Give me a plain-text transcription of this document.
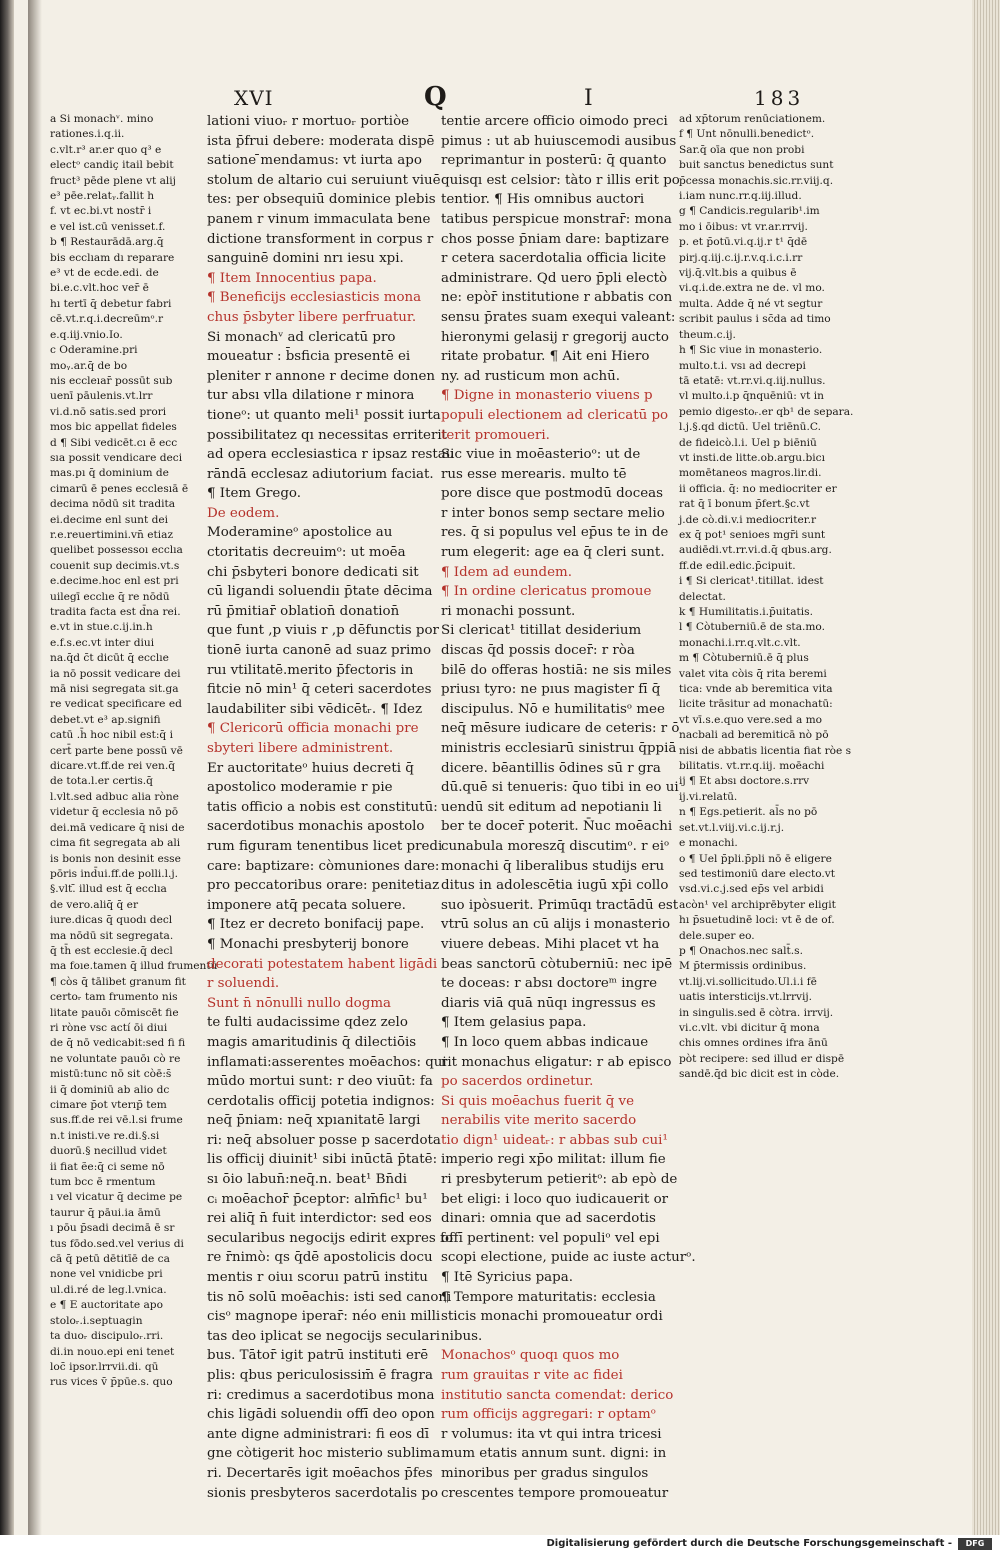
XVI	Q	I	183

a Si monachᵛ. mino

rationes.i.q.ii.

c.vlt.r³ ar.er quo q³ e

electᵒ candiç itail bebit

fruct³ pēde plene vt alij

e³ pēe.relatᵧ.fallit h

f. vt ec.bi.vt nostr̄ i

e vel ist.cū venisset.f.

b ¶ Restaurādā.arg.q̄

bis ecclıam dı reparare

e³ vt de ecde.edi. de

bi.e.c.vlt.hoc ver̄ ē

hı tertī q̄ debetur fabri

cē.vt.r.q.i.decreūmᵒ.r

e.q.iij.vnio.Io.

c Oderamine.pri

moᵧ.ar.q̄ de bo

nis eccleıar̄ possūt sub

uenī pāulenis.vt.lrr

vi.d.nō satis.sed prori

mos bic appellat fideles

d ¶ Sibi vedicēt.cı ē ecc

sıa possit vendicare deci

mas.pı q̄ dominium de

cimarū ē penes ecclesıā ē

decima nōdū sit tradita

ei.decime enl sunt dei

r.e.reuertimini.vn̄ etiaz

quelibet possessoı ecclıa

couenit sup decimis.vt.s

e.decime.hoc enl est pri

uilegī ecclıe q̄ re nōdū

tradita facta est d̄na rei.

e.vt in stue.c.ij.in.h

e.f.s.ec.vt inter diui

na.q̄d c̄t dicūt q̄ ecclıe

ia nō possit vedicare dei

mā nisi segregata sit.ga

re vedicat specificare ed

debet.vt e³ ap.signifi

catū .h̄ hoc nibil est:q̄ i

cert̄ parte bene possū vē

dicare.vt.ff.de rei ven.q̄

de tota.l.er certis.q̄

l.vlt.sed adbuc alia ròne

videtur q̄ ecclesia nō pō

dei.mā vedicare q̄ nisi de

cima fit segregata ab ali

is bonis non desinit esse

pōris ind̄ui.ff.de polli.l.j.

§.vlt.̄ illud est q̄ ecclıa

de vero.aliq̄ q̄ er

iure.dicas q̄ quodı decl

ma nōdū sit segregata.

q̄ th̄ est ecclesie.q̄ decl

ma foıe.tamen q̄ illud frumentū

¶ còs q̄ tālibet granum fit

certoᵣ tam frumento nis

litate pauōı cōmiscēt fie

ri ròne vsc actí ōi diui

de q̄ nō vedicabit:sed fi fi

ne voluntate pauōı cò re

mistū:tunc nō sit còē:s̄

ii q̄ dominiū ab alio dc

cimare p̄ot vterıp̄ tem

sus.ff.de rei vē.l.si frume

n.t inisti.ve re.di.§.si

duorū.§ necillud videt

ii fiat ẽe:q̄ ci seme nō

tum bcc ē rmentum

ı vel vicatur q̄ decime pe

taurur q̄ pāui.ia āmū

ı pōu p̄sadi decimā ē sr

tus fōdo.sed.vel verius di

cā q̄ petū dētitīē de ca

none vel vnidicbe pri

ul.di.ré de leg.l.vnica.

e ¶ E auctoritate apo

stoloᵣ.i.septuagin

ta duoᵣ discipuloᵣ.rri.

di.in nouo.epi eni tenet

loc̄ ipsor.lrrvii.di. qū

rus vices v̄ p̄pūe.s. quo

lationi viuoᵣ r mortuoᵣ portiòe

ista p̄frui debere: moderata dispē

satione ̄mendamus: vt iurta apo

stolum de altario cui seruiunt viuē

tes: per obsequiū dominice plebis

panem r vinum immaculata bene

dictione transforment in corpus r

sanguinē domini nrı iesu xpi.

¶ Item Innocentius papa.

¶ Beneficijs ecclesiasticis mona

chus p̄sbyter libere perfruatur.

Si monachᵛ ad clericatū pro

moueatur : b̄sficia presentē ei

pleniter r annone r decime donen

tur absı vlla dilatione r minora

tioneᵒ: ut quanto meli¹ possit iurta

possibilitatez qı necessitas erriterit

ad opera ecclesiastica r ipsaz restau

rāndā ecclesaz adiutorium faciat.

¶ Item Grego.

De eodem.

Moderamineᵒ apostolice au

ctoritatis decreuimᵒ: ut moēa

chi p̄sbyteri bonore dedicati sit

cū ligandi soluendiı p̄tate dēcima

rū p̄mitiar̄ oblation̄ donation̄

que funt ,p viuis r ,p dēfunctis por

tionē iurta canonē ad suaz primo

ruı vtilitatē.merito p̄fectoris in

fitcie nō min¹ q̄ ceteri sacerdotes

laudabiliter sibi vēdicētᵣ. ¶ Idez

¶ Clericorū officia monachi pre

sbyteri libere administrent.

Er auctoritateᵒ huius decreti q̄

apostolico moderamie r pie

tatis officio a nobis est constitutū:

sacerdotibus monachis apostolo

rum figuram tenentibus licet predi

care: baptizare: còmuniones dare:

pro peccatoribus orare: penitetiaz

imponere atq̄ pecata soluere.

¶ Itez er decreto bonifacij pape.

¶ Monachi presbyterij bonore

decorati potestatem habent ligādi

r soluendi.

Sunt n̄ nōnulli nullo dogma

te fulti audacissime qdez zelo

magis amaritudinis q̄ dilectiōis

inflamati:asserentes moēachos: qui

mūdo mortui sunt: r deo viuūt: fa

cerdotalis officij potetia indignos:

neq̄ p̄niam: neq̄ xpıanitatē largi

ri: neq̄ absoluer posse p sacerdota

lis officij diuinit¹ sibi inūctā p̄tatē:

sı ōio labun̄:neq̄.n. beat¹ Bn̄di

cᵢ moēachor̄ p̄ceptor: alm̄fic¹ bu¹

rei aliq̄ n̄ fuit interdictor: sed eos

secularibus negocijs edirit expres fo

re r̄nimò: qs q̄dē apostolicis docu

mentis r oiuı scoruı patrū institu

tis nō solū moēachis: isti sed canoni

cisᵒ magnope iperar̄: néo eniı milli

tas deo iplicat se negocijs seculari

bus. Tātor̄ igit patrū instituti erē

plis: qbus periculosissim̄ ē fragra

ri: credimus a sacerdotibus mona

chis ligādi soluendiı offī deo opon

ante digne administrari: fi eos dī

gne còtigerit hoc misterio sublima

ri. Decertarēs igit moēachos p̄fes

sionis presbyteros sacerdotalis po

tentie arcere officio oimodo preci

pimus : ut ab huiuscemodi ausibus

reprimantur in posterū: q̄ quanto

quisqı est celsior: tàto r illis erit po

tentior. ¶ His omnibus auctori

tatibus perspicue monstrar̄: mona

chos posse p̄niam dare: baptizare

r cetera sacerdotalia officia licite

administrare. Qd uero p̄pli electò

ne: epòr̄ institutione r abbatis con

sensu p̄rates suam exequi valeant:

hieronymi gelasij r gregorij aucto

ritate probatur. ¶ Ait eni Hiero

ny. ad rusticum mon achū.

¶ Digne in monasterio viuens p

populi electionem ad clericatū po

terit promoueri.

Sic viue in moēasterioᵒ: ut de

rus esse merearis. multo tē

pore disce que postmodū doceas

r inter bonos semp sectare melio

res. q̄ si populus vel ep̄us te in de

rum elegerit: age ea q̄ cleri sunt.

¶ Idem ad eundem.

¶ In ordine clericatus promoue

ri monachi possunt.

Si clericat¹ titillat desiderium

discas q̄d possis docer̄: r ròa

bilē do offeras hostiā: ne sis miles

priusı tyro: ne pıus magister fī q̄

discipulus. Nō e humilitatisᵒ mee

neq̄ mēsure iudicare de ceteris: r ō

ministris ecclesiarū sinistruı q̄ppiā

dicere. bēantillis ōdines sū r gra

dū.quē si tenueris: q̄uo tibi in eo ui

uendū sit editum ad nepotianiı li

ber te docer̄ poterit. N̄uc moēachi

cunabula moreszq̄ discutimᵒ. r eiᵒ

monachi q̄ liberalibus studijs eru

ditus in adolescētia iugū xp̄i collo

suo ipòsuerit. Primūqı tractādū est

vtrū solus an cū alijs i monasterio

viuere debeas. Mihi placet vt ha

beas sanctorū còtuberniū: nec ipē

te doceas: r absı doctoreᵐ ingre

diaris viā quā nūqı ingressus es

¶ Item gelasius papa.

¶ In loco quem abbas indicaue

rit monachus eligatur: r ab episco

po sacerdos ordinetur.

Si quis moēachus fuerit q̄ ve

nerabilis vite merito sacerdo

tio dign¹ uideatᵣ: r abbas sub cui¹

imperio regi xp̄o militat: illum fie

ri presbyterum petieritᵒ: ab epò de

bet eligi: i loco quo iudicauerit or

dinari: omnia que ad sacerdotis

offī pertinent: vel populiᵒ vel epi

scopi electione, puide ac iuste acturᵒ.

¶ Itē Syricius papa.

¶ Tempore maturitatis: ecclesia

sticis monachi promoueatur ordi

nibus.

Monachosᵒ quoqı quos mo

rum grauitas r vite ac fidei

institutio sancta comendat: derico

rum officijs aggregari: r optamᵒ

r volumus: ita vt qui intra tricesi

mum etatis annum sunt. digni: in

minoribus per gradus singulos

crescentes tempore promoueatur

ad xp̄torum renūciationem.

f ¶ Unt nōnulli.benedictᵒ.

Sar.q̄ oīa que non probi

buit sanctus benedictus sunt

p̄cessa monachis.sic.rr.viij.q.

i.iam nunc.rr.q.iij.illud.

g ¶ Candicis.regularib¹.im

mo i ōibus: vt vr.ar.rrvij.

p. et p̄otū.vi.q.ij.r t¹ q̄dē

pirj.q.iij.c.ij.r.v.q.i.c.i.rr

vij.q̄.vlt.bis a quibus ē

vi.q.i.de.extra ne de. vl mo.

multa. Adde q̄ né vt segtur

scribit paulus i sc̄da ad timo

theum.c.ij.

h ¶ Sic viue in monasterio.

multo.t.i. vsı ad decrepi

tā etatē: vt.rr.vi.q.iij.nullus.

vl multo.i.p q̄nquēniū: vt in

pemio digestoᵣ.er qb¹ de separa.

l.j.§.qd dictū. Uel triēnū.C.

de fideicò.l.i. Uel p biēniū

vt insti.de litte.ob.argu.bicı

momētaneos magros.lir.di.

ii officia. q̄: no mediocriter er

rat q̄ ī bonum p̄fert.§c.vt

j.de cò.di.v.i mediocriter.r

ex q̄ pot¹ senioes mgr̄i sunt

audiēdi.vt.rr.vi.d.q̄ qbus.arg.

ff.de edil.edic.p̄cipuit.

i ¶ Si clericat¹.titillat. idest

delectat.

k ¶ Humilitatis.i.p̄uitatis.

l ¶ Còtuberniū.ē de sta.mo.

monachi.i.rr.q.vlt.c.vlt.

m ¶ Còtuberniū.ē q̄ plus

valet vita còis q̄̄ rita beremi

tica: vnde ab beremitica vita

licite trāsitur ad monachatū:

vt vī.s.e.quo vere.sed a mo

nacbali ad beremiticā nò pō

nisi de abbatis licentia fiat ròe s

bilitatis. vt.rr.q.iij. moēachi

ij ¶ Et absı doctore.s.rrv

ij.vi.relatū.

n ¶ Egs.petierit. al̄s no pō

set.vt.l.viij.vi.c.ij.r.j.

e monachi.

o ¶ Uel p̄pli.p̄pli nō ē eligere

sed testimoniū dare electo.vt

vsd.vi.c.j.sed ep̄s vel arbidi

acòn¹ vel archiprēbyter eligit

hı p̄suetudinē loci: vt ē de of.

dele.super eo.

p ¶ Onachos.nec salt̄.s.

M p̄termissis ordinibus.

vt.lij.vi.sollicitudo.Ul.i.i fē

uatis intersticijs.vt.lrrvij.

in singulis.sed ē còtra. irrvij.

vi.c.vlt. vbi dicitur q̄ mona

chis omnes ordines ifra ānū

pòt recipere: sed illud er dispē

sandē.q̄d bic dicit est in còde.

Digitalisierung gefördert durch die Deutsche Forschungsgemeinschaft -	DFG
